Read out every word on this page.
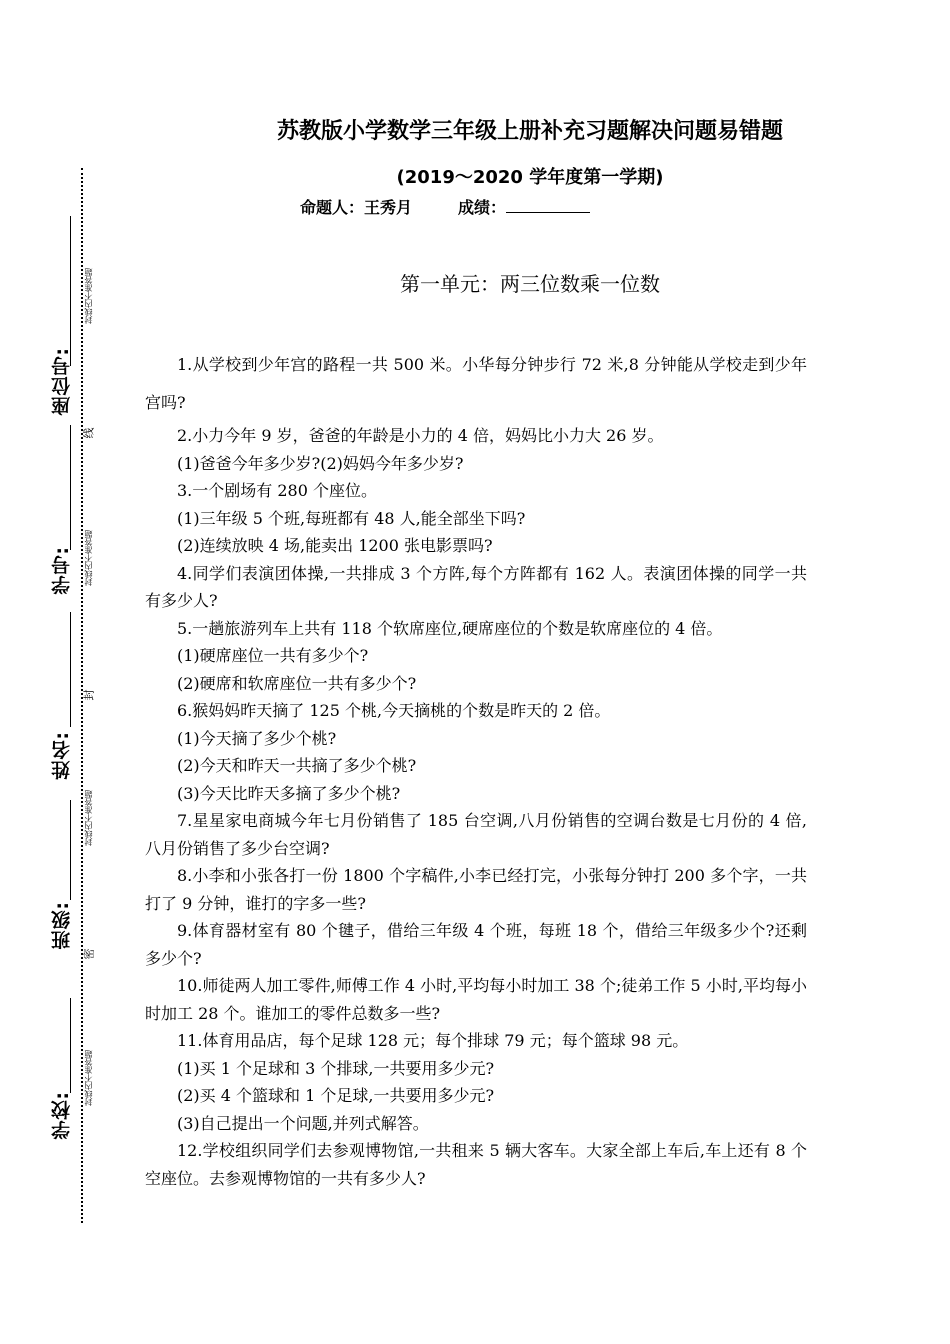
座位号:
学号:
姓名:
班级:
学校:
封线内不准答题
封线内不准答题
封线内不准答题
封线内不准答题
线
封
密
苏教版小学数学三年级上册补充习题解决问题易错题
(2019～2020 学年度第一学期)
命题人：王秀月	成绩：
第一单元：两三位数乘一位数
1.从学校到少年宫的路程一共 500 米。小华每分钟步行 72 米,8 分钟能从学校走到少年宫吗?
2.小力今年 9 岁，爸爸的年龄是小力的 4 倍，妈妈比小力大 26 岁。
(1)爸爸今年多少岁?(2)妈妈今年多少岁?
3.一个剧场有 280 个座位。
(1)三年级 5 个班,每班都有 48 人,能全部坐下吗?
(2)连续放映 4 场,能卖出 1200 张电影票吗?
4.同学们表演团体操,一共排成 3 个方阵,每个方阵都有 162 人。表演团体操的同学一共有多少人?
5.一趟旅游列车上共有 118 个软席座位,硬席座位的个数是软席座位的 4 倍。
(1)硬席座位一共有多少个?
(2)硬席和软席座位一共有多少个?
6.猴妈妈昨天摘了 125 个桃,今天摘桃的个数是昨天的 2 倍。
(1)今天摘了多少个桃?
(2)今天和昨天一共摘了多少个桃?
(3)今天比昨天多摘了多少个桃?
7.星星家电商城今年七月份销售了 185 台空调,八月份销售的空调台数是七月份的 4 倍,八月份销售了多少台空调?
8.小李和小张各打一份 1800 个字稿件,小李已经打完，小张每分钟打 200 多个字，一共打了 9 分钟，谁打的字多一些?
9.体育器材室有 80 个毽子，借给三年级 4 个班，每班 18 个，借给三年级多少个?还剩多少个?
10.师徒两人加工零件,师傅工作 4 小时,平均每小时加工 38 个;徒弟工作 5 小时,平均每小时加工 28 个。谁加工的零件总数多一些?
11.体育用品店，每个足球 128 元；每个排球 79 元；每个篮球 98 元。
(1)买 1 个足球和 3 个排球,一共要用多少元?
(2)买 4 个篮球和 1 个足球,一共要用多少元?
(3)自己提出一个问题,并列式解答。
12.学校组织同学们去参观博物馆,一共租来 5 辆大客车。大家全部上车后,车上还有 8 个空座位。去参观博物馆的一共有多少人?
